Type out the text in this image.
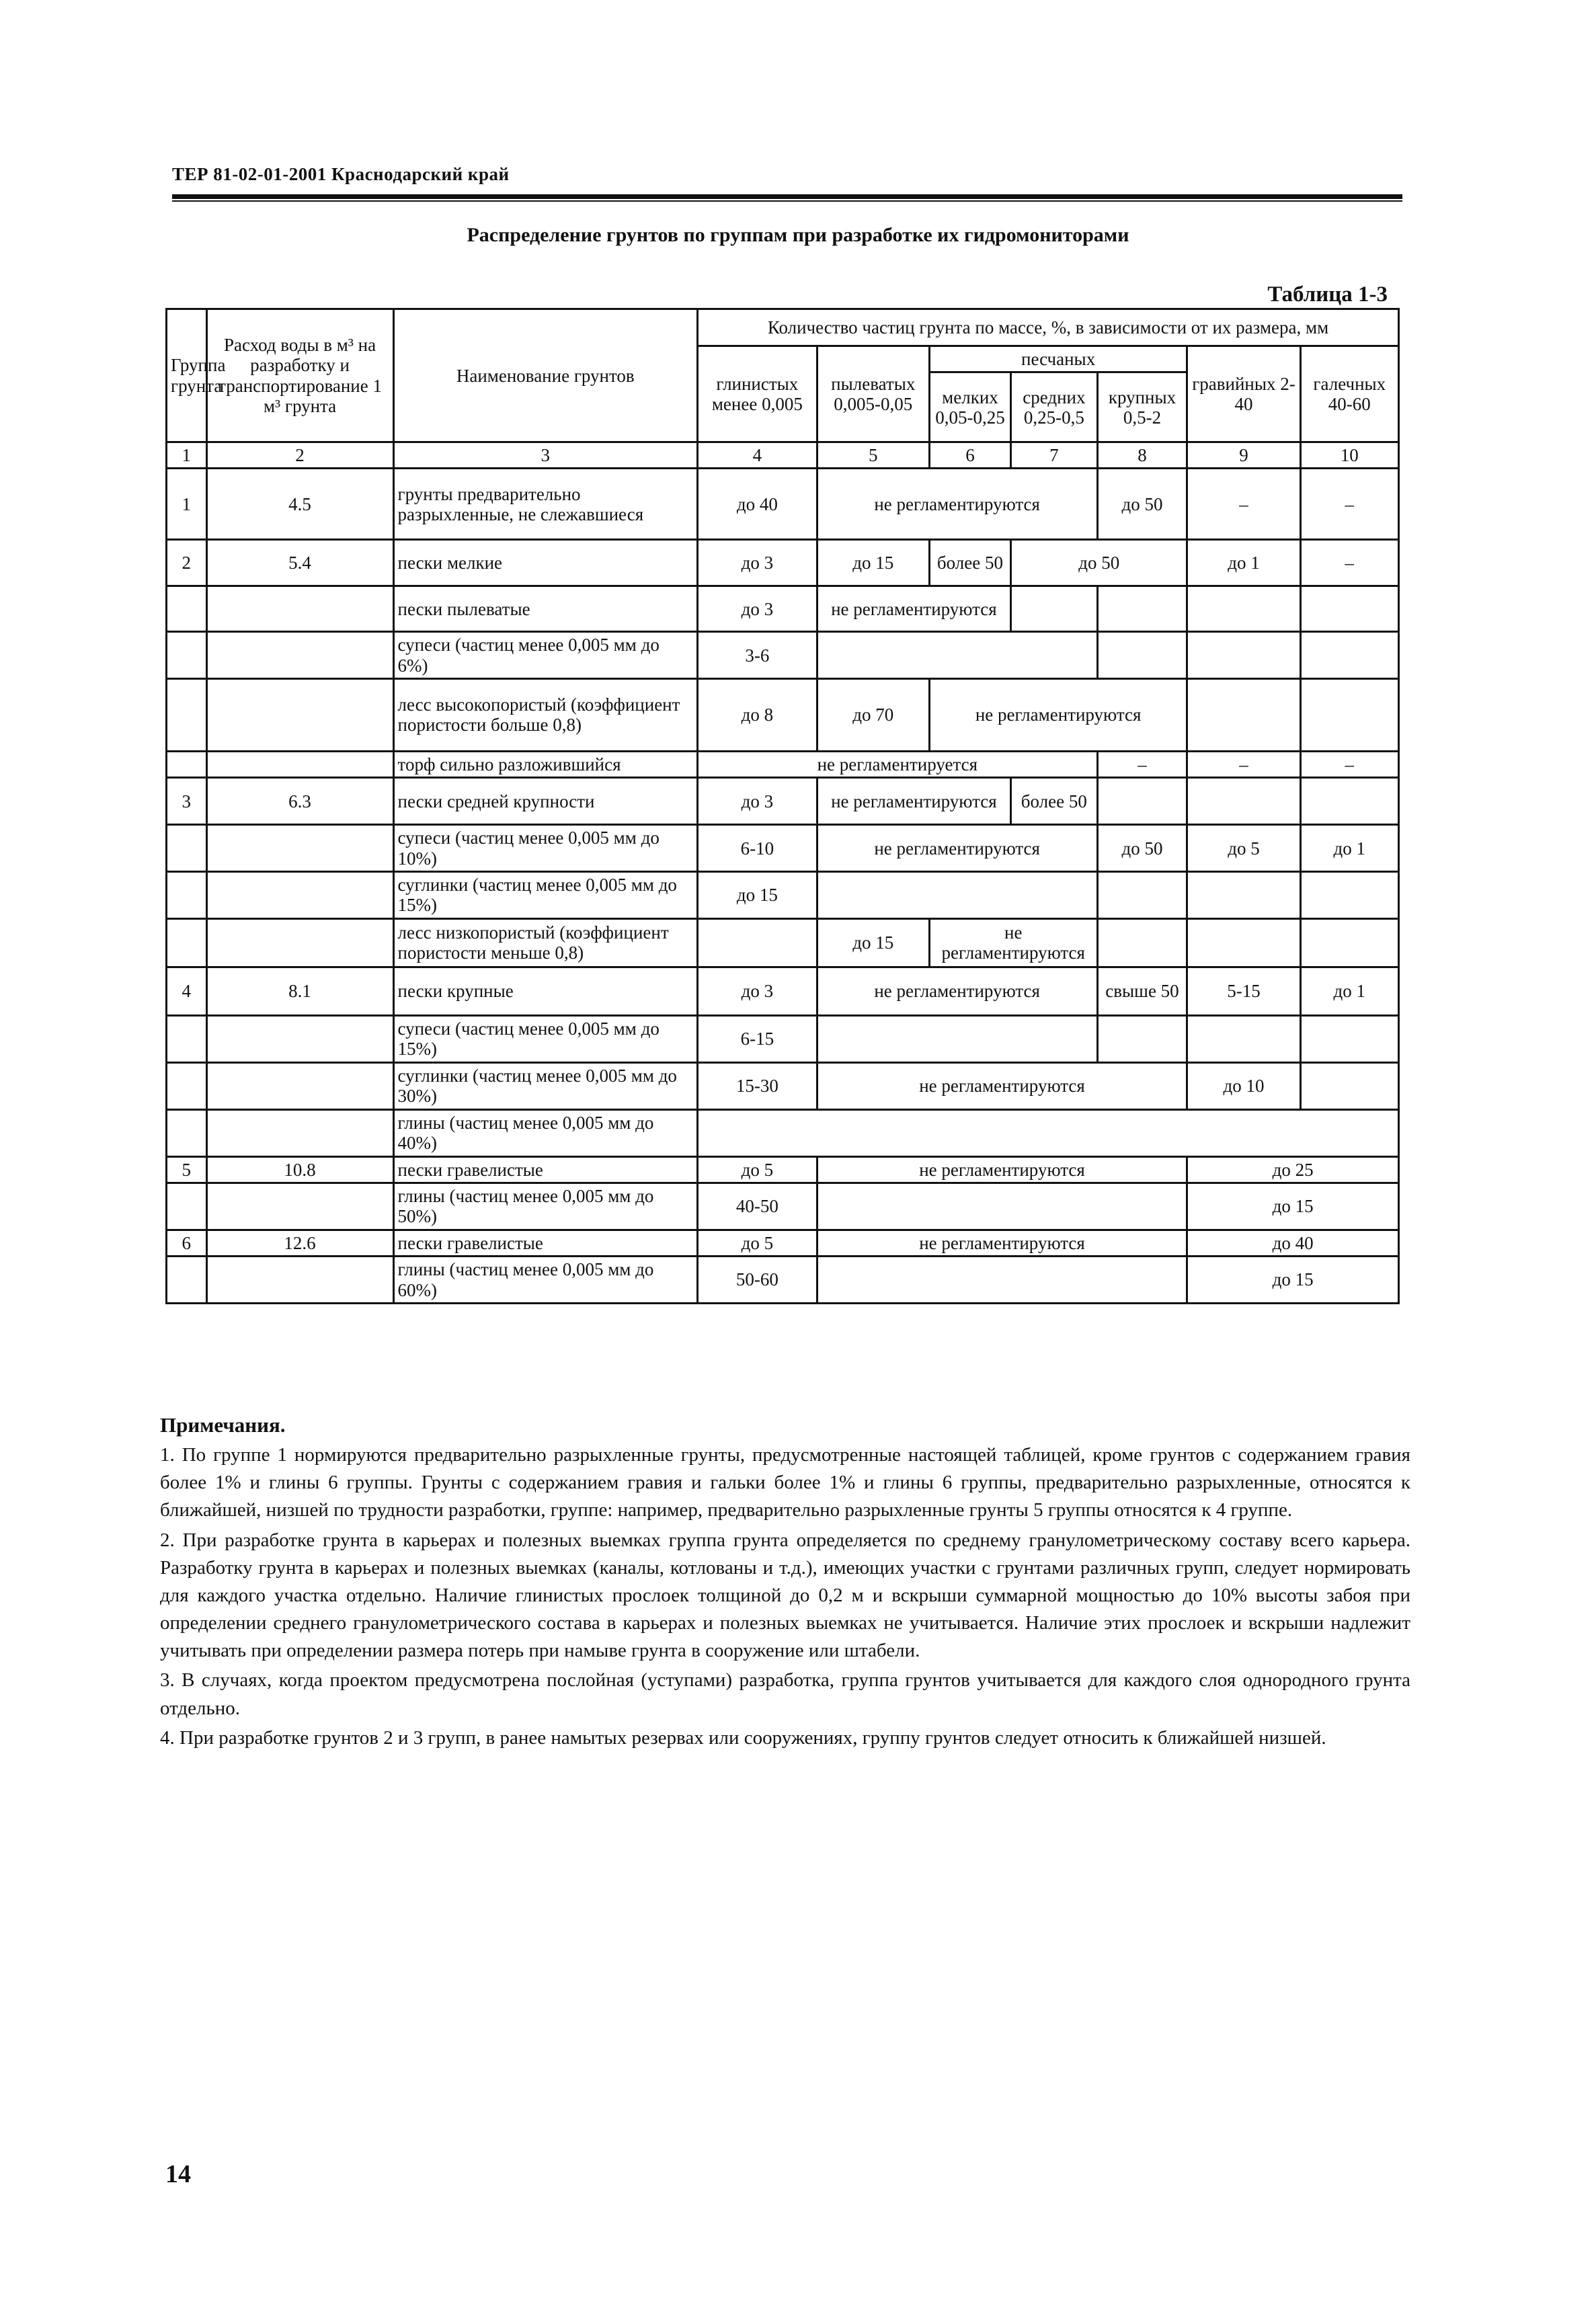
ТЕР 81-02-01-2001 Краснодарский край
Распределение грунтов по группам при разработке их гидромониторами
Таблица 1-3
Группа грунта	Расход воды в м³ на разработку и транспортирование 1 м³ грунта	Наименование грунтов	Количество частиц грунта по массе, %, в зависимости от их размера, мм						
			глинистых менее 0,005	пылеватых 0,005-0,05	песчаных			гравийных 2-40	галечных 40-60
					мелких 0,05-0,25	средних 0,25-0,5	крупных 0,5-2		
1	2	3	4	5	6	7	8	9	10
1	4.5	грунты предварительно разрыхленные, не слежавшиеся	до 40	не регламентируются			до 50	–	–
2	5.4	пески мелкие	до 3	до 15	более 50	до 50		до 1	–
		пески пылеватые	до 3	не регламентируются					
		супеси (частиц менее 0,005 мм до 6%)	3-6						
		лесс высокопористый (коэффициент пористости больше 0,8)	до 8	до 70	не регламентируются				
		торф сильно разложившийся	не регламентируется				–	–	–
3	6.3	пески средней крупности	до 3	не регламентируются		более 50			
		супеси (частиц менее 0,005 мм до 10%)	6-10	не регламентируются			до 50	до 5	до 1
		суглинки (частиц менее 0,005 мм до 15%)	до 15						
		лесс низкопористый (коэффициент пористости меньше 0,8)		до 15	не регламентируются				
4	8.1	пески крупные	до 3	не регламентируются			свыше 50	5-15	до 1
		супеси (частиц менее 0,005 мм до 15%)	6-15						
		суглинки (частиц менее 0,005 мм до 30%)	15-30	не регламентируются				до 10	
		глины (частиц менее 0,005 мм до 40%)							
5	10.8	пески гравелистые	до 5	не регламентируются				до 25	
		глины (частиц менее 0,005 мм до 50%)	40-50					до 15	
6	12.6	пески гравелистые	до 5	не регламентируются				до 40	
		глины (частиц менее 0,005 мм до 60%)	50-60					до 15	
Примечания.

1. По группе 1 нормируются предварительно разрыхленные грунты, предусмотренные настоящей таблицей, кроме грунтов с содержанием гравия более 1% и глины 6 группы. Грунты с содержанием гравия и гальки более 1% и глины 6 группы, предварительно разрыхленные, относятся к ближайшей, низшей по трудности разработки, группе: например, предварительно разрыхленные грунты 5 группы относятся к 4 группе.

2. При разработке грунта в карьерах и полезных выемках группа грунта определяется по среднему гранулометрическому составу всего карьера. Разработку грунта в карьерах и полезных выемках (каналы, котлованы и т.д.), имеющих участки с грунтами различных групп, следует нормировать для каждого участка отдельно. Наличие глинистых прослоек толщиной до 0,2 м и вскрыши суммарной мощностью до 10% высоты забоя при определении среднего гранулометрического состава в карьерах и полезных выемках не учитывается. Наличие этих прослоек и вскрыши надлежит учитывать при определении размера потерь при намыве грунта в сооружение или штабели.

3. В случаях, когда проектом предусмотрена послойная (уступами) разработка, группа грунтов учитывается для каждого слоя однородного грунта отдельно.

4. При разработке грунтов 2 и 3 групп, в ранее намытых резервах или сооружениях, группу грунтов следует относить к ближайшей низшей.

14
